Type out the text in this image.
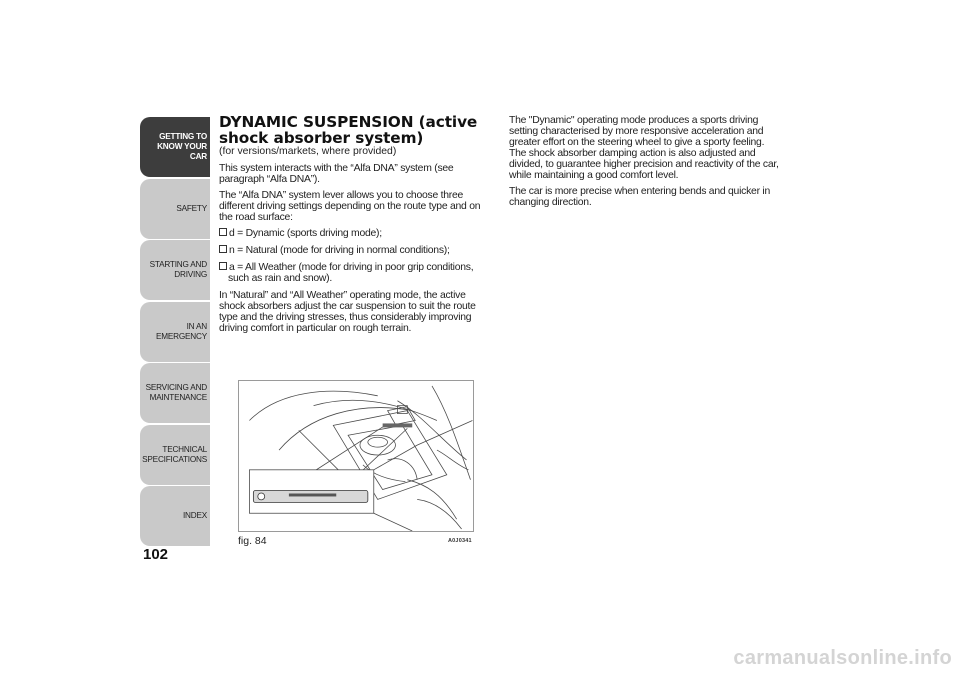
GETTING TO
KNOW YOUR CAR
SAFETY
STARTING AND
DRIVING
IN AN EMERGENCY
SERVICING AND
MAINTENANCE
TECHNICAL
SPECIFICATIONS
INDEX
102
DYNAMIC SUSPENSION (active shock absorber system)
(for versions/markets, where provided)

This system interacts with the “Alfa DNA” system (see paragraph “Alfa DNA”).

The “Alfa DNA” system lever allows you to choose three different driving settings depending on the route type and on the road surface:

d = Dynamic (sports driving mode);
n = Natural (mode for driving in normal conditions);
a = All Weather (mode for driving in poor grip conditions, such as rain and snow).

In “Natural” and “All Weather” operating mode, the active shock absorbers adjust the car suspension to suit the route type and the driving stresses, thus considerably improving driving comfort in particular on rough terrain.

The "Dynamic" operating mode produces a sports driving setting characterised by more responsive acceleration and greater effort on the steering wheel to give a sporty feeling. The shock absorber damping action is also adjusted and divided, to guarantee higher precision and reactivity of the car, while maintaining a good comfort level.

The car is more precise when entering bends and quicker in changing direction.

fig. 84	A0J0341
carmanualsonline.info
